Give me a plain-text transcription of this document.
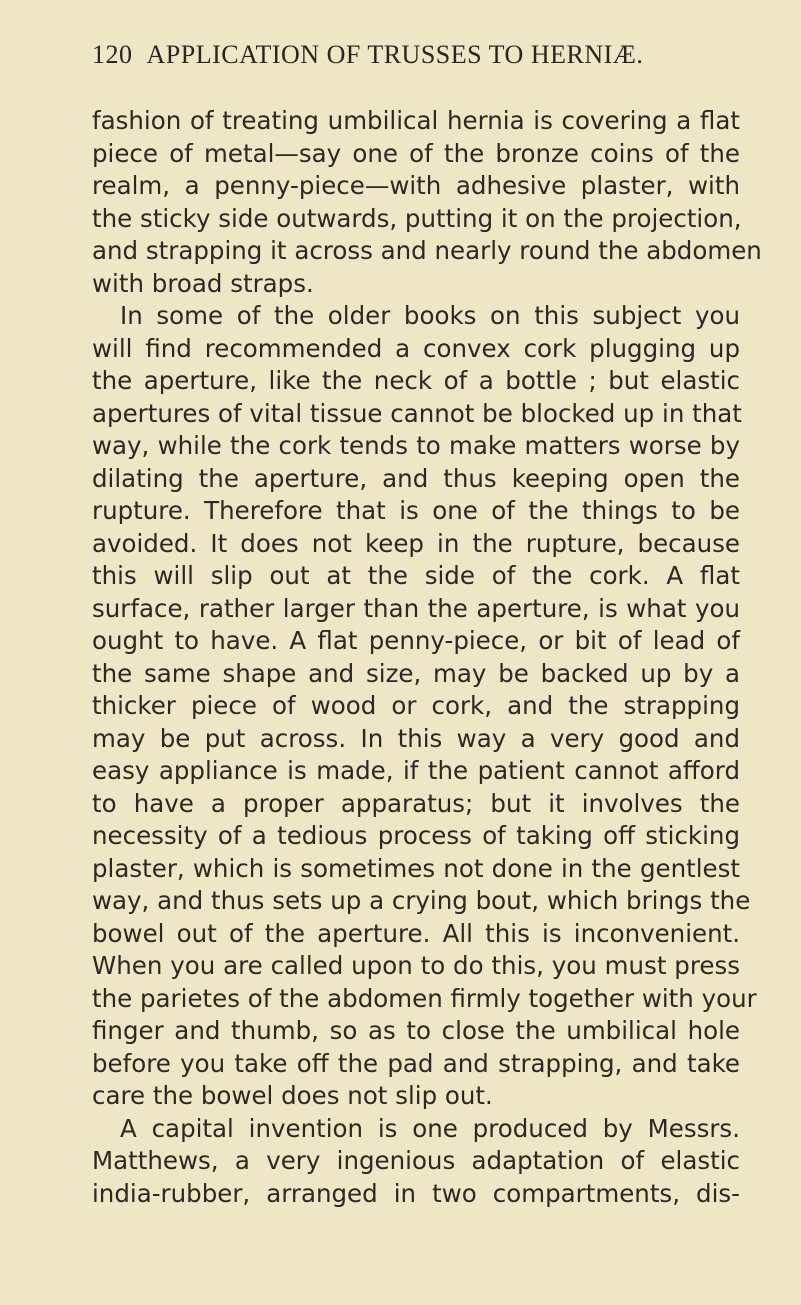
120 APPLICATION OF TRUSSES TO HERNIÆ.
fashion of treating umbilical hernia is covering a flat
piece of metal—say one of the bronze coins of the
realm, a penny-piece—with adhesive plaster, with
the sticky side outwards, putting it on the projection,
and strapping it across and nearly round the abdomen
with broad straps.
In some of the older books on this subject you
will find recommended a convex cork plugging up
the aperture, like the neck of a bottle ; but elastic
apertures of vital tissue cannot be blocked up in that
way, while the cork tends to make matters worse by
dilating the aperture, and thus keeping open the
rupture. Therefore that is one of the things to be
avoided. It does not keep in the rupture, because
this will slip out at the side of the cork. A flat
surface, rather larger than the aperture, is what you
ought to have. A flat penny-piece, or bit of lead of
the same shape and size, may be backed up by a
thicker piece of wood or cork, and the strapping
may be put across. In this way a very good and
easy appliance is made, if the patient cannot afford
to have a proper apparatus; but it involves the
necessity of a tedious process of taking off sticking
plaster, which is sometimes not done in the gentlest
way, and thus sets up a crying bout, which brings the
bowel out of the aperture. All this is inconvenient.
When you are called upon to do this, you must press
the parietes of the abdomen firmly together with your
finger and thumb, so as to close the umbilical hole
before you take off the pad and strapping, and take
care the bowel does not slip out.
A capital invention is one produced by Messrs.
Matthews, a very ingenious adaptation of elastic
india-rubber, arranged in two compartments, dis-
